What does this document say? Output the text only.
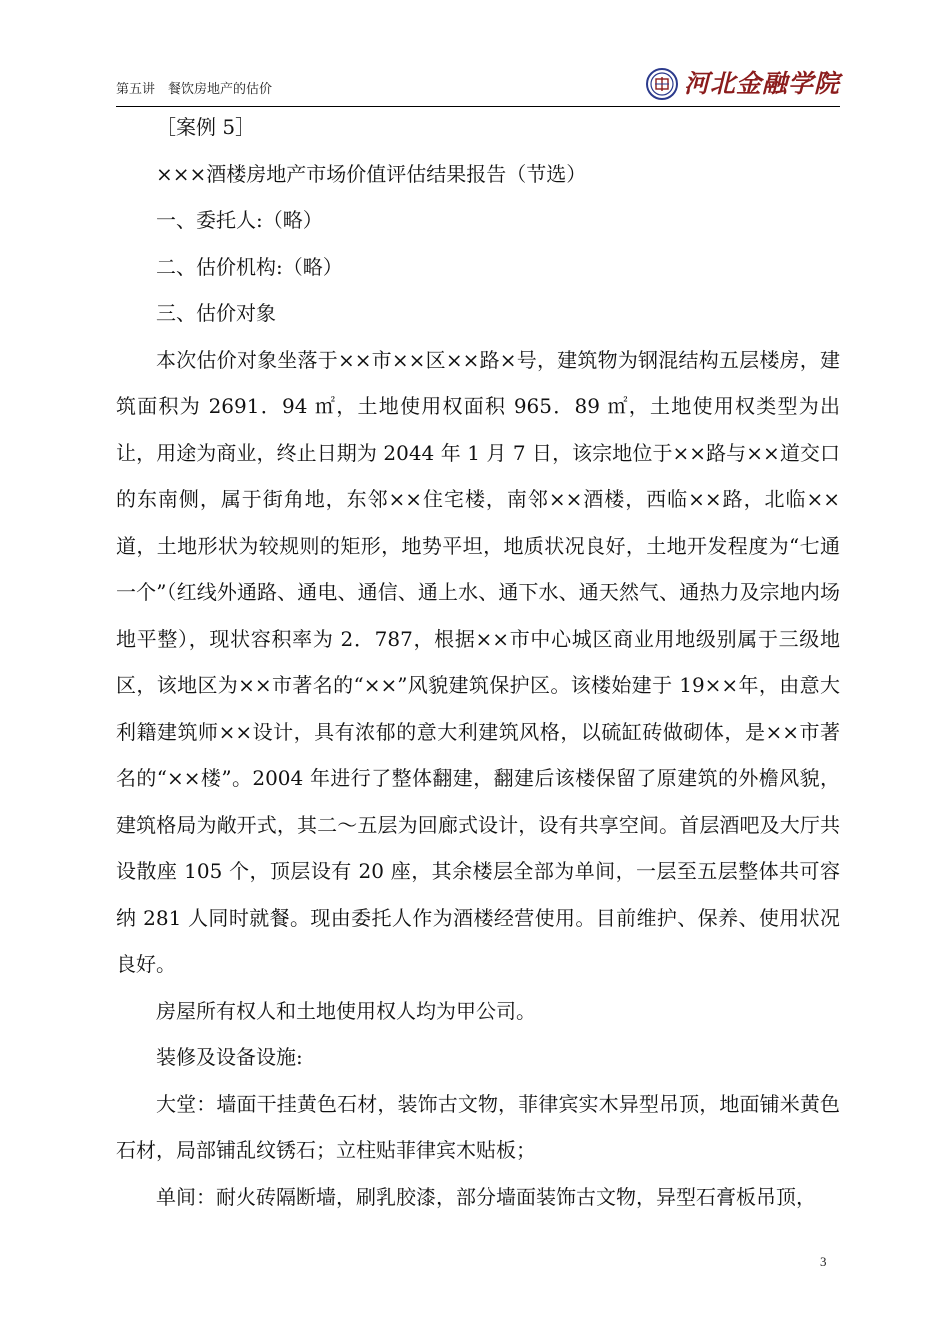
第五讲　餐饮房地产的估价	河北金融学院

［案例 5］

×××酒楼房地产市场价值评估结果报告（节选）

一、委托人:（略）

二、估价机构:（略）

三、估价对象

本次估价对象坐落于××市××区××路×号，建筑物为钢混结构五层楼房，建筑面积为 2691．94 ㎡，土地使用权面积 965．89 ㎡，土地使用权类型为出让，用途为商业，终止日期为 2044 年 1 月 7 日，该宗地位于××路与××道交口的东南侧，属于街角地，东邻××住宅楼，南邻××酒楼，西临××路，北临××道，土地形状为较规则的矩形，地势平坦，地质状况良好，土地开发程度为“七通一个”（红线外通路、通电、通信、通上水、通下水、通天然气、通热力及宗地内场地平整），现状容积率为 2．787，根据××市中心城区商业用地级别属于三级地区，该地区为××市著名的“××”风貌建筑保护区。该楼始建于 19××年，由意大利籍建筑师××设计，具有浓郁的意大利建筑风格，以硫缸砖做砌体，是××市著名的“××楼”。2004 年进行了整体翻建，翻建后该楼保留了原建筑的外檐风貌，建筑格局为敞开式，其二～五层为回廊式设计，设有共享空间。首层酒吧及大厅共设散座 105 个，顶层设有 20 座，其余楼层全部为单间，一层至五层整体共可容纳 281 人同时就餐。现由委托人作为酒楼经营使用。目前维护、保养、使用状况良好。

房屋所有权人和土地使用权人均为甲公司。

装修及设备设施:

大堂：墙面干挂黄色石材，装饰古文物，菲律宾实木异型吊顶，地面铺米黄色石材，局部铺乱纹锈石；立柱贴菲律宾木贴板；

单间：耐火砖隔断墙，刷乳胶漆，部分墙面装饰古文物，异型石膏板吊顶，

3
